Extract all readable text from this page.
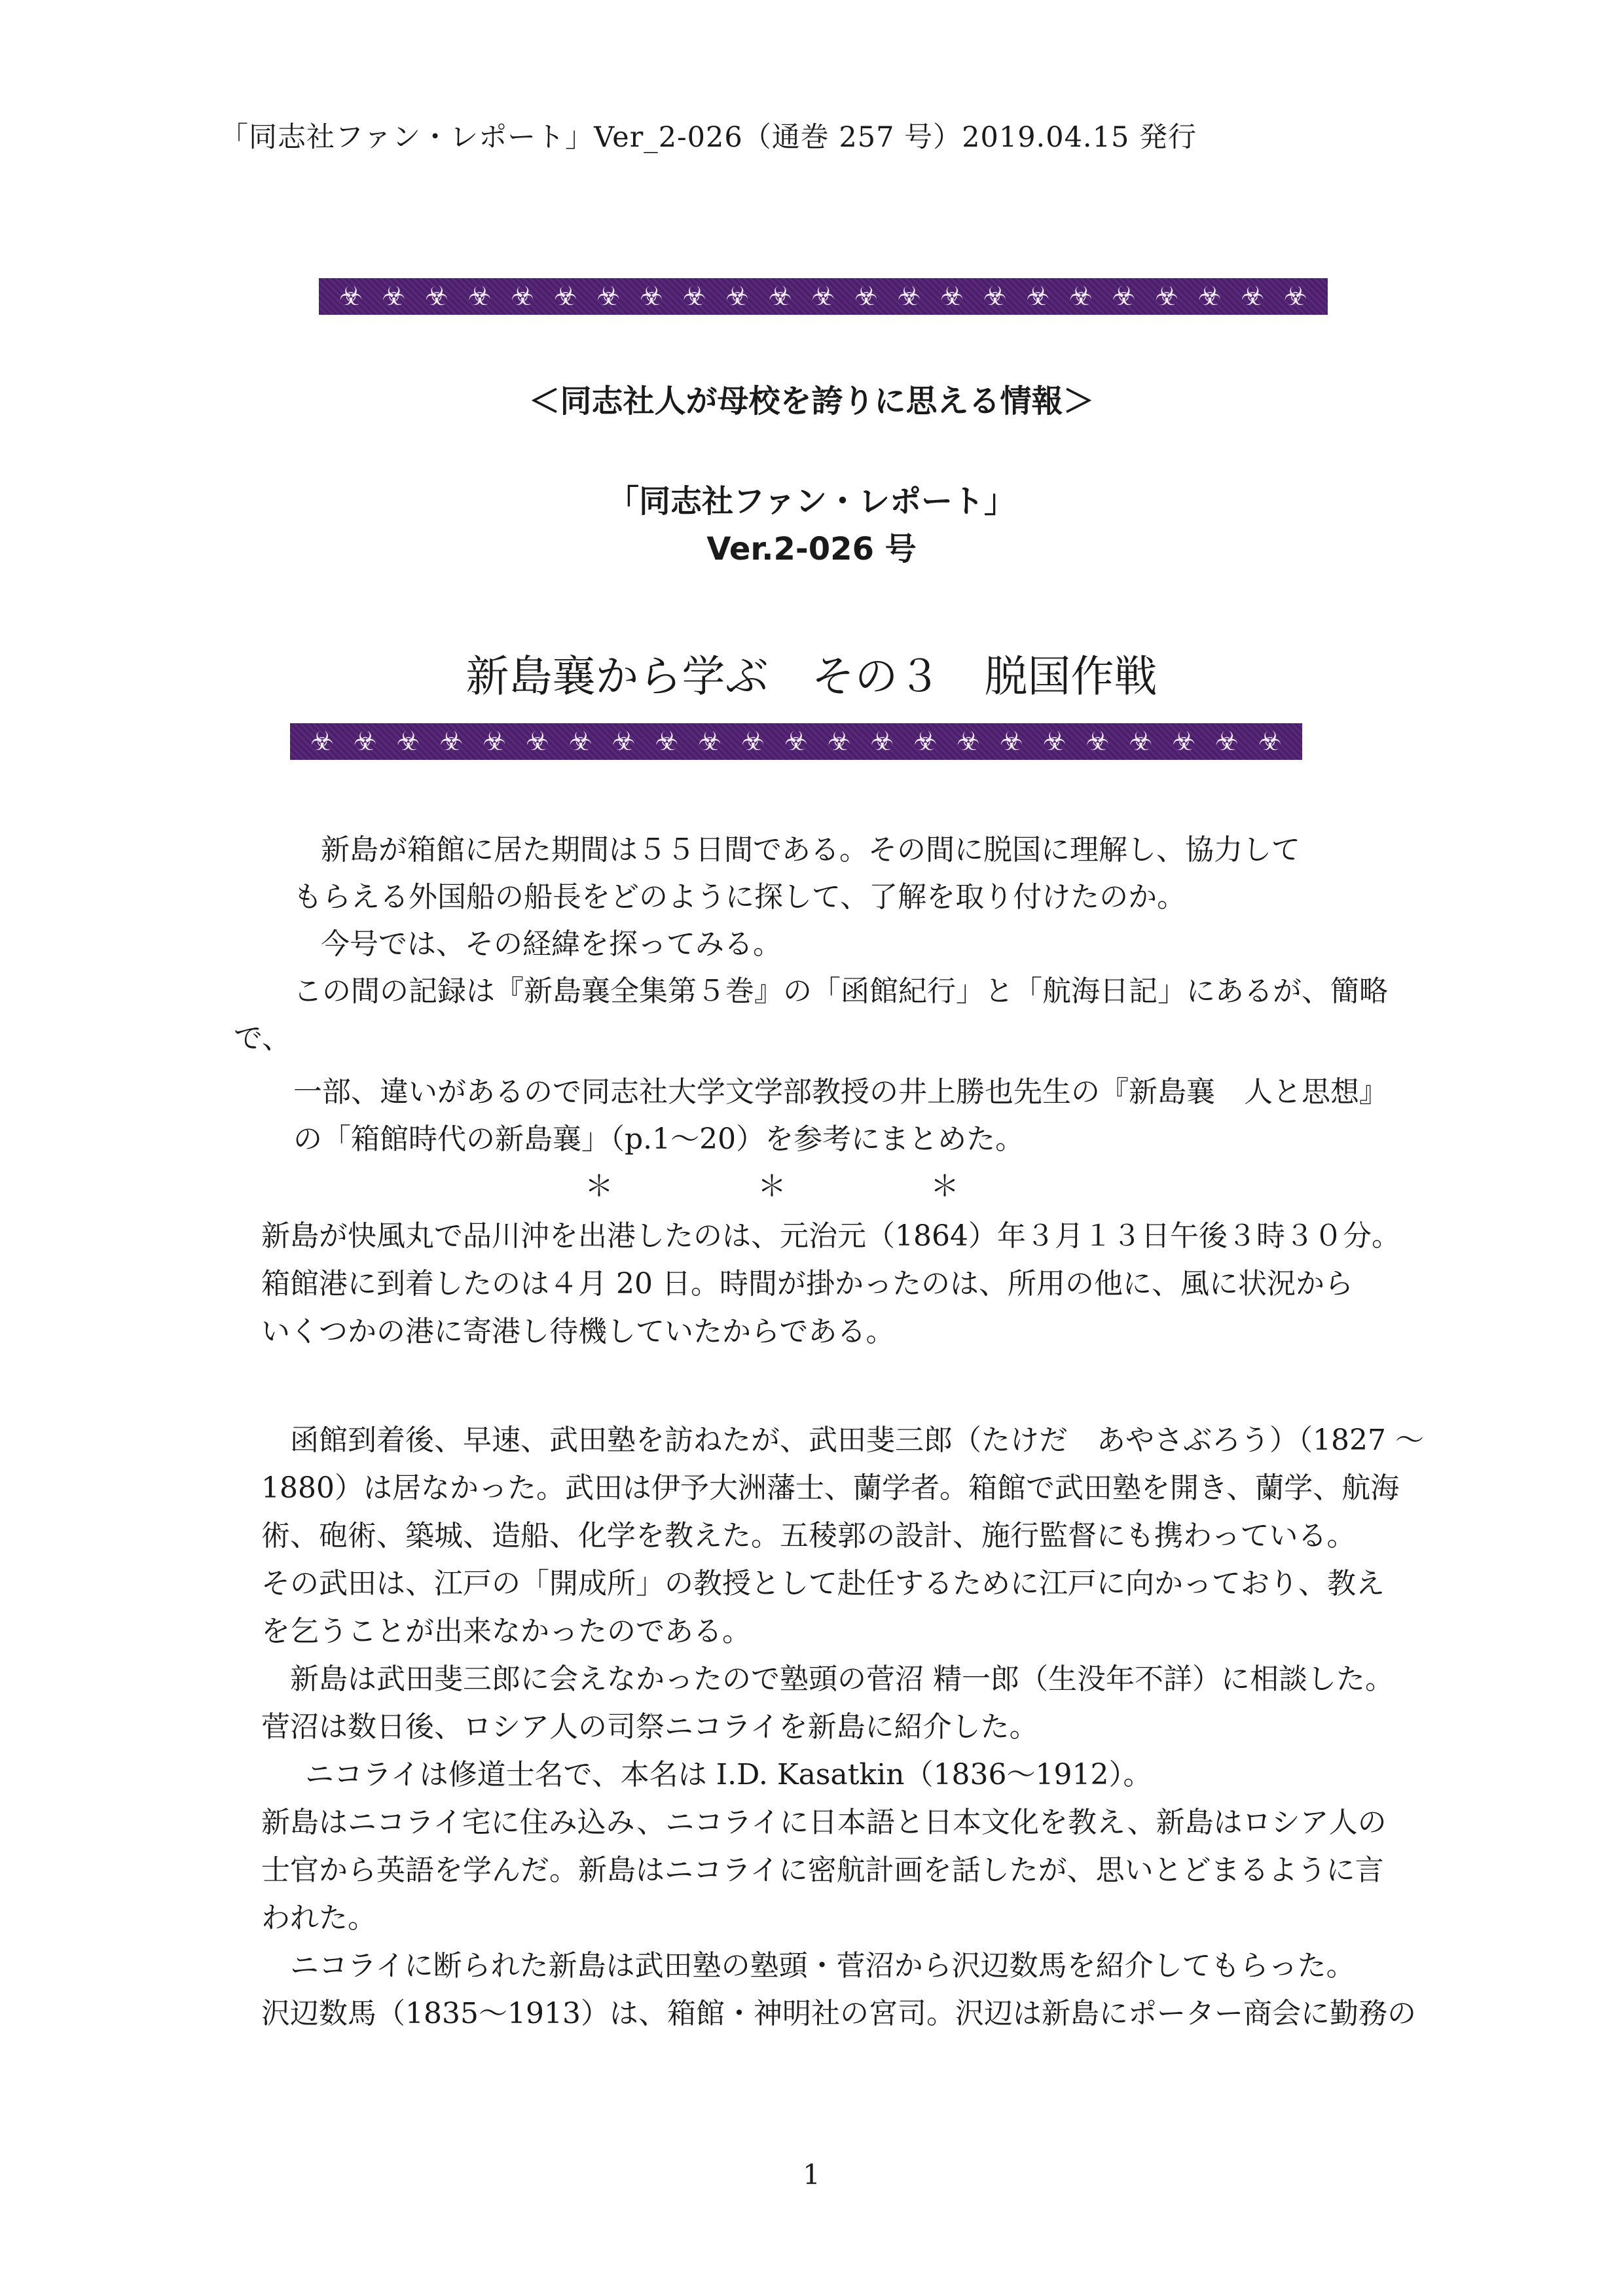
「同志社ファン・レポート」Ver_2-026（通巻 257 号）2019.04.15 発行
☣ ☣ ☣ ☣ ☣ ☣ ☣ ☣ ☣ ☣ ☣ ☣ ☣ ☣ ☣ ☣ ☣ ☣ ☣ ☣ ☣ ☣ ☣
＜同志社人が母校を誇りに思える情報＞
「同志社ファン・レポート」
Ver.2-026 号
新島襄から学ぶ　その３　脱国作戦
☣ ☣ ☣ ☣ ☣ ☣ ☣ ☣ ☣ ☣ ☣ ☣ ☣ ☣ ☣ ☣ ☣ ☣ ☣ ☣ ☣ ☣ ☣
新島が箱館に居た期間は５５日間である。その間に脱国に理解し、協力して
もらえる外国船の船長をどのように探して、了解を取り付けたのか。
今号では、その経緯を探ってみる。
この間の記録は『新島襄全集第５巻』の「函館紀行」と「航海日記」にあるが、簡略
で、
一部、違いがあるので同志社大学文学部教授の井上勝也先生の『新島襄　人と思想』
の「箱館時代の新島襄」（p.1～20）を参考にまとめた。
＊　　　　　＊　　　　　＊
新島が快風丸で品川沖を出港したのは、元治元（1864）年３月１３日午後３時３０分。
箱館港に到着したのは４月 20 日。時間が掛かったのは、所用の他に、風に状況から
いくつかの港に寄港し待機していたからである。
函館到着後、早速、武田塾を訪ねたが、武田斐三郎（たけだ　あやさぶろう）（1827 ～
1880）は居なかった。武田は伊予大洲藩士、蘭学者。箱館で武田塾を開き、蘭学、航海
術、砲術、築城、造船、化学を教えた。五稜郭の設計、施行監督にも携わっている。
その武田は、江戸の「開成所」の教授として赴任するために江戸に向かっており、教え
を乞うことが出来なかったのである。
新島は武田斐三郎に会えなかったので塾頭の菅沼 精一郎（生没年不詳）に相談した。
菅沼は数日後、ロシア人の司祭ニコライを新島に紹介した。
ニコライは修道士名で、本名は I.D. Kasatkin（1836～1912）。
新島はニコライ宅に住み込み、ニコライに日本語と日本文化を教え、新島はロシア人の
士官から英語を学んだ。新島はニコライに密航計画を話したが、思いとどまるように言
われた。
ニコライに断られた新島は武田塾の塾頭・菅沼から沢辺数馬を紹介してもらった。
沢辺数馬（1835～1913）は、箱館・神明社の宮司。沢辺は新島にポーター商会に勤務の
1
